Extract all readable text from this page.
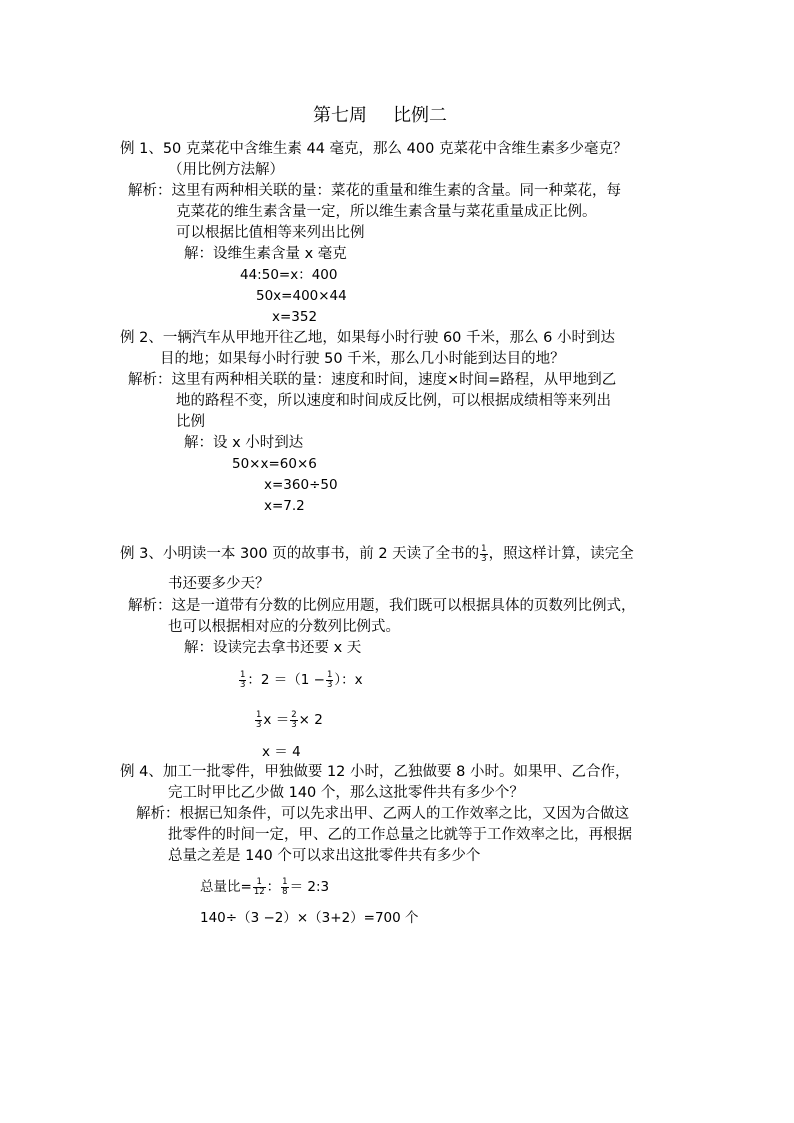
第七周 比例二
例 1、50 克菜花中含维生素 44 毫克，那么 400 克菜花中含维生素多少毫克？
（用比例方法解）
解析：这里有两种相关联的量：菜花的重量和维生素的含量。同一种菜花，每
克菜花的维生素含量一定，所以维生素含量与菜花重量成正比例。
可以根据比值相等来列出比例
解：设维生素含量 x 毫克
44:50=x：400
50x=400×44
x=352
例 2、一辆汽车从甲地开往乙地，如果每小时行驶 60 千米，那么 6 小时到达
目的地；如果每小时行驶 50 千米，那么几小时能到达目的地？
解析：这里有两种相关联的量：速度和时间，速度×时间=路程，从甲地到乙
地的路程不变，所以速度和时间成反比例，可以根据成绩相等来列出
比例
解：设 x 小时到达
50×x=60×6
x=360÷50
x=7.2
例 3、小明读一本 300 页的故事书，前 2 天读了全书的 $\frac{1}{3}$ ，照这样计算，读完全
书还要多少天？
解析：这是一道带有分数的比例应用题，我们既可以根据具体的页数列比例式，
也可以根据相对应的分数列比例式。
解：设读完去拿书还要 x 天
$\frac{1}{3}$ ：$2 =(1 - \frac{1}{3}$ ）：x
$\frac{1}{3}$ $x = \frac{2}{3} \times 2$
x ＝ 4
例 4、加工一批零件，甲独做要 12 小时，乙独做要 8 小时。如果甲、乙合作，
完工时甲比乙少做 140 个，那么这批零件共有多少个？
解析：根据已知条件，可以先求出甲、乙两人的工作效率之比，又因为合做这
批零件的时间一定，甲、乙的工作总量之比就等于工作效率之比，再根据
总量之差是 140 个可以求出这批零件共有多少个
总量比= $\frac{1}{12}$ ： $\frac{1}{8}$ ＝ 2:3
140÷（3 −2）×（3+2）=700 个
